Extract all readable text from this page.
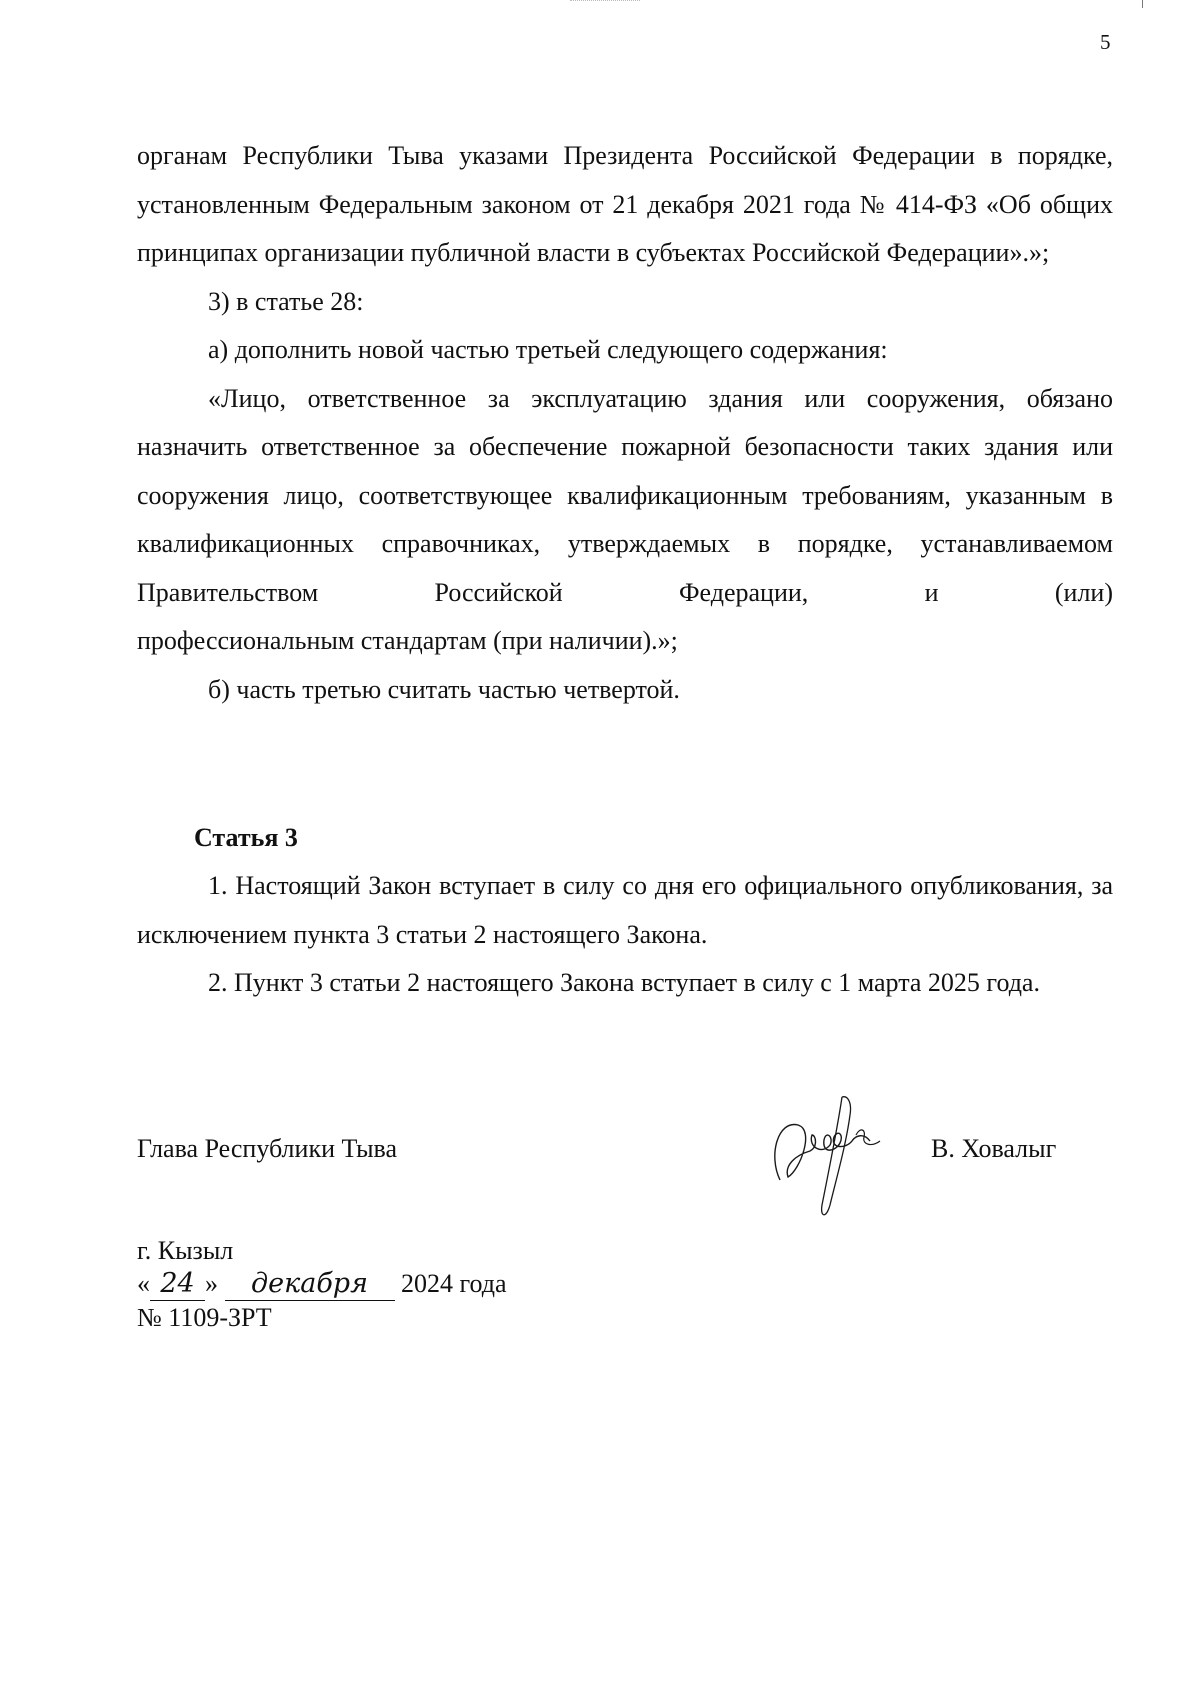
5

органам Республики Тыва указами Президента Российской Федерации в порядке, установленным Федеральным законом от 21 декабря 2021 года № 414-ФЗ «Об общих принципах организации публичной власти в субъектах Российской Федерации».»;

3) в статье 28:

а) дополнить новой частью третьей следующего содержания:

«Лицо, ответственное за эксплуатацию здания или сооружения, обязано назначить ответственное за обеспечение пожарной безопасности таких здания или сооружения лицо, соответствующее квалификационным требованиям, указанным в квалификационных справочниках, утверждаемых в порядке, устанавливаемом Правительством Российской Федерации, и (или)

профессиональным стандартам (при наличии).»;

б) часть третью считать частью четвертой.

Статья 3

1. Настоящий Закон вступает в силу со дня его официального опубликования, за исключением пункта 3 статьи 2 настоящего Закона.

2. Пункт 3 статьи 2 настоящего Закона вступает в силу с 1 марта 2025 года.

Глава Республики Тыва	В. Ховалыг
г. Кызыл
« 24 » декабря 2024 года
№ 1109-ЗРТ
